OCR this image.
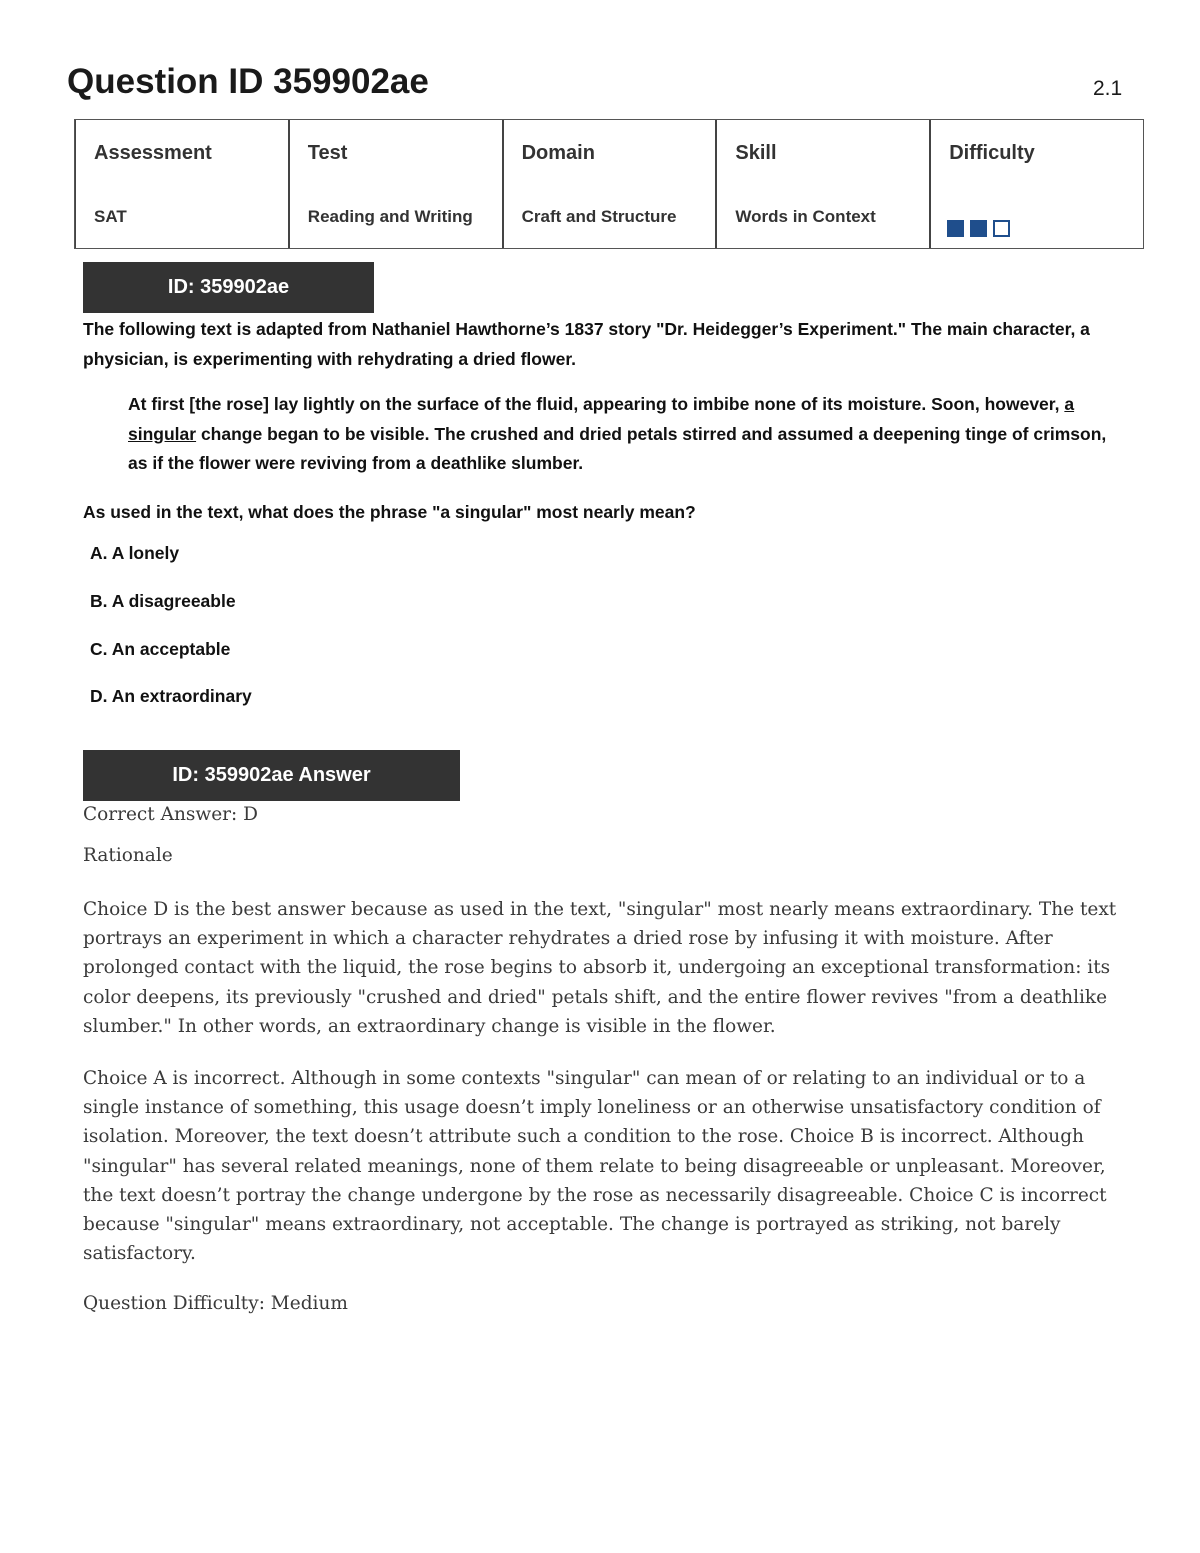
Question ID 359902ae	2.1
Assessment
SAT
Test
Reading and Writing
Domain
Craft and Structure
Skill
Words in Context
Difficulty
ID: 359902ae
The following text is adapted from Nathaniel Hawthorne’s 1837 story "Dr. Heidegger’s Experiment." The main character, a physician, is experimenting with rehydrating a dried flower.
At first [the rose] lay lightly on the surface of the fluid, appearing to imbibe none of its moisture. Soon, however, a singular change began to be visible. The crushed and dried petals stirred and assumed a deepening tinge of crimson, as if the flower were reviving from a deathlike slumber.
As used in the text, what does the phrase "a singular" most nearly mean?
A. A lonely
B. A disagreeable
C. An acceptable
D. An extraordinary
ID: 359902ae Answer
Correct Answer: D
Rationale
Choice D is the best answer because as used in the text, "singular" most nearly means extraordinary. The text portrays an experiment in which a character rehydrates a dried rose by infusing it with moisture. After prolonged contact with the liquid, the rose begins to absorb it, undergoing an exceptional transformation: its color deepens, its previously "crushed and dried" petals shift, and the entire flower revives "from a deathlike slumber." In other words, an extraordinary change is visible in the flower.
Choice A is incorrect. Although in some contexts "singular" can mean of or relating to an individual or to a single instance of something, this usage doesn’t imply loneliness or an otherwise unsatisfactory condition of isolation. Moreover, the text doesn’t attribute such a condition to the rose. Choice B is incorrect. Although "singular" has several related meanings, none of them relate to being disagreeable or unpleasant. Moreover, the text doesn’t portray the change undergone by the rose as necessarily disagreeable. Choice C is incorrect because "singular" means extraordinary, not acceptable. The change is portrayed as striking, not barely satisfactory.
Question Difficulty: Medium
